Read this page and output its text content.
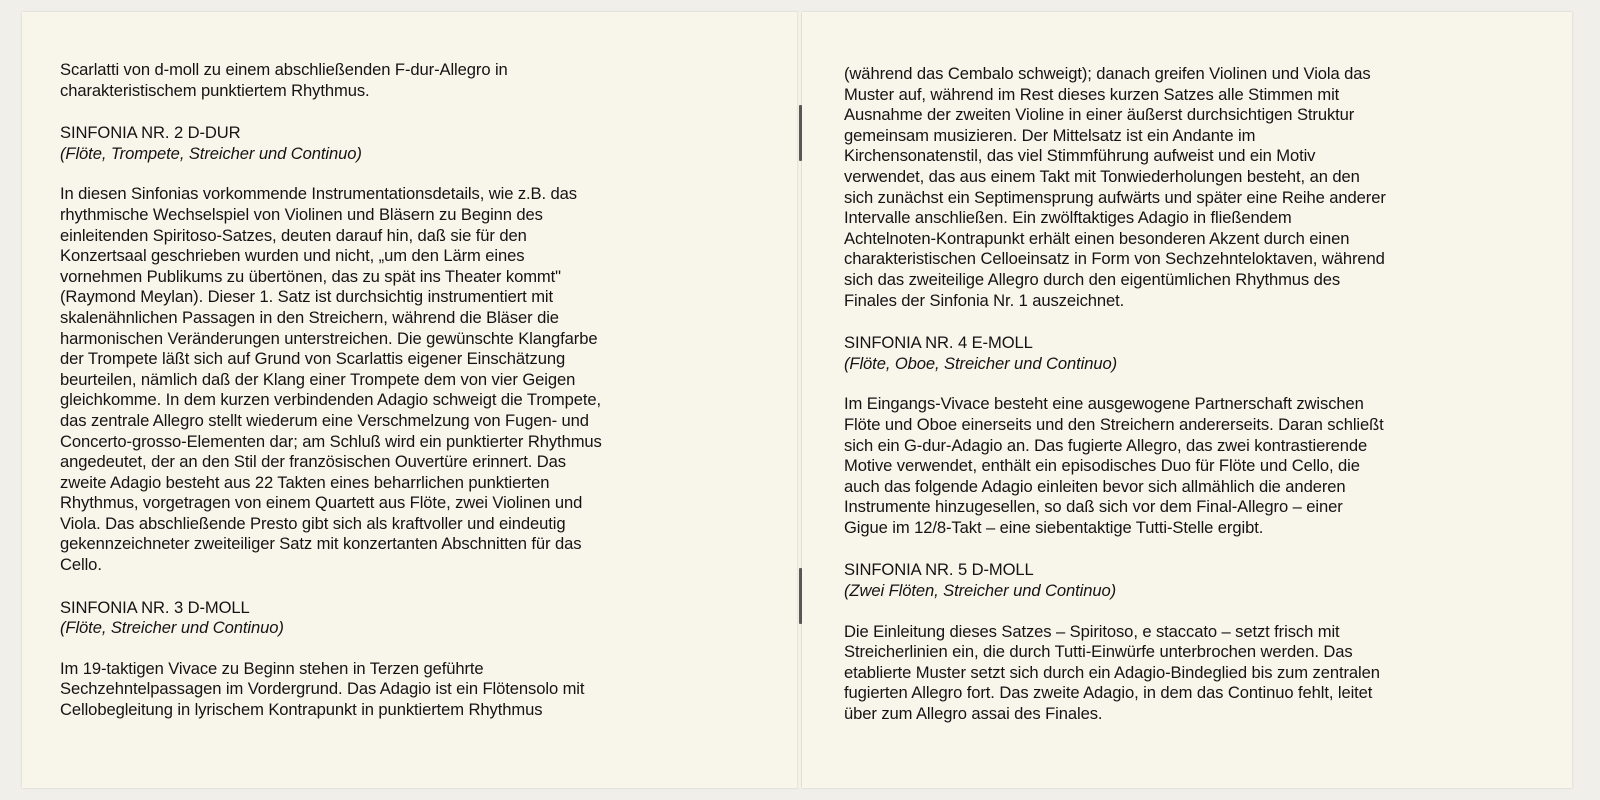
Scarlatti von d-moll zu einem abschließenden F-dur-Allegro in
charakteristischem punktiertem Rhythmus.

SINFONIA NR. 2 D-DUR

(Flöte, Trompete, Streicher und Continuo)

In diesen Sinfonias vorkommende Instrumentationsdetails, wie z.B. das
rhythmische Wechselspiel von Violinen und Bläsern zu Beginn des
einleitenden Spiritoso-Satzes, deuten darauf hin, daß sie für den
Konzertsaal geschrieben wurden und nicht, „um den Lärm eines
vornehmen Publikums zu übertönen, das zu spät ins Theater kommt"
(Raymond Meylan). Dieser 1. Satz ist durchsichtig instrumentiert mit
skalenähnlichen Passagen in den Streichern, während die Bläser die
harmonischen Veränderungen unterstreichen. Die gewünschte Klangfarbe
der Trompete läßt sich auf Grund von Scarlattis eigener Einschätzung
beurteilen, nämlich daß der Klang einer Trompete dem von vier Geigen
gleichkomme. In dem kurzen verbindenden Adagio schweigt die Trompete,
das zentrale Allegro stellt wiederum eine Verschmelzung von Fugen- und
Concerto-grosso-Elementen dar; am Schluß wird ein punktierter Rhythmus
angedeutet, der an den Stil der französischen Ouvertüre erinnert. Das
zweite Adagio besteht aus 22 Takten eines beharrlichen punktierten
Rhythmus, vorgetragen von einem Quartett aus Flöte, zwei Violinen und
Viola. Das abschließende Presto gibt sich als kraftvoller und eindeutig
gekennzeichneter zweiteiliger Satz mit konzertanten Abschnitten für das
Cello.

SINFONIA NR. 3 D-MOLL

(Flöte, Streicher und Continuo)

Im 19-taktigen Vivace zu Beginn stehen in Terzen geführte
Sechzehntelpassagen im Vordergrund. Das Adagio ist ein Flötensolo mit
Cellobegleitung in lyrischem Kontrapunkt in punktiertem Rhythmus

(während das Cembalo schweigt); danach greifen Violinen und Viola das
Muster auf, während im Rest dieses kurzen Satzes alle Stimmen mit
Ausnahme der zweiten Violine in einer äußerst durchsichtigen Struktur
gemeinsam musizieren. Der Mittelsatz ist ein Andante im
Kirchensonatenstil, das viel Stimmführung aufweist und ein Motiv
verwendet, das aus einem Takt mit Tonwiederholungen besteht, an den
sich zunächst ein Septimensprung aufwärts und später eine Reihe anderer
Intervalle anschließen. Ein zwölftaktiges Adagio in fließendem
Achtelnoten-Kontrapunkt erhält einen besonderen Akzent durch einen
charakteristischen Celloeinsatz in Form von Sechzehnteloktaven, während
sich das zweiteilige Allegro durch den eigentümlichen Rhythmus des
Finales der Sinfonia Nr. 1 auszeichnet.

SINFONIA NR. 4 E-MOLL

(Flöte, Oboe, Streicher und Continuo)

Im Eingangs-Vivace besteht eine ausgewogene Partnerschaft zwischen
Flöte und Oboe einerseits und den Streichern andererseits. Daran schließt
sich ein G-dur-Adagio an. Das fugierte Allegro, das zwei kontrastierende
Motive verwendet, enthält ein episodisches Duo für Flöte und Cello, die
auch das folgende Adagio einleiten bevor sich allmählich die anderen
Instrumente hinzugesellen, so daß sich vor dem Final-Allegro – einer
Gigue im 12/8-Takt – eine siebentaktige Tutti-Stelle ergibt.

SINFONIA NR. 5 D-MOLL

(Zwei Flöten, Streicher und Continuo)

Die Einleitung dieses Satzes – Spiritoso, e staccato – setzt frisch mit
Streicherlinien ein, die durch Tutti-Einwürfe unterbrochen werden. Das
etablierte Muster setzt sich durch ein Adagio-Bindeglied bis zum zentralen
fugierten Allegro fort. Das zweite Adagio, in dem das Continuo fehlt, leitet
über zum Allegro assai des Finales.
